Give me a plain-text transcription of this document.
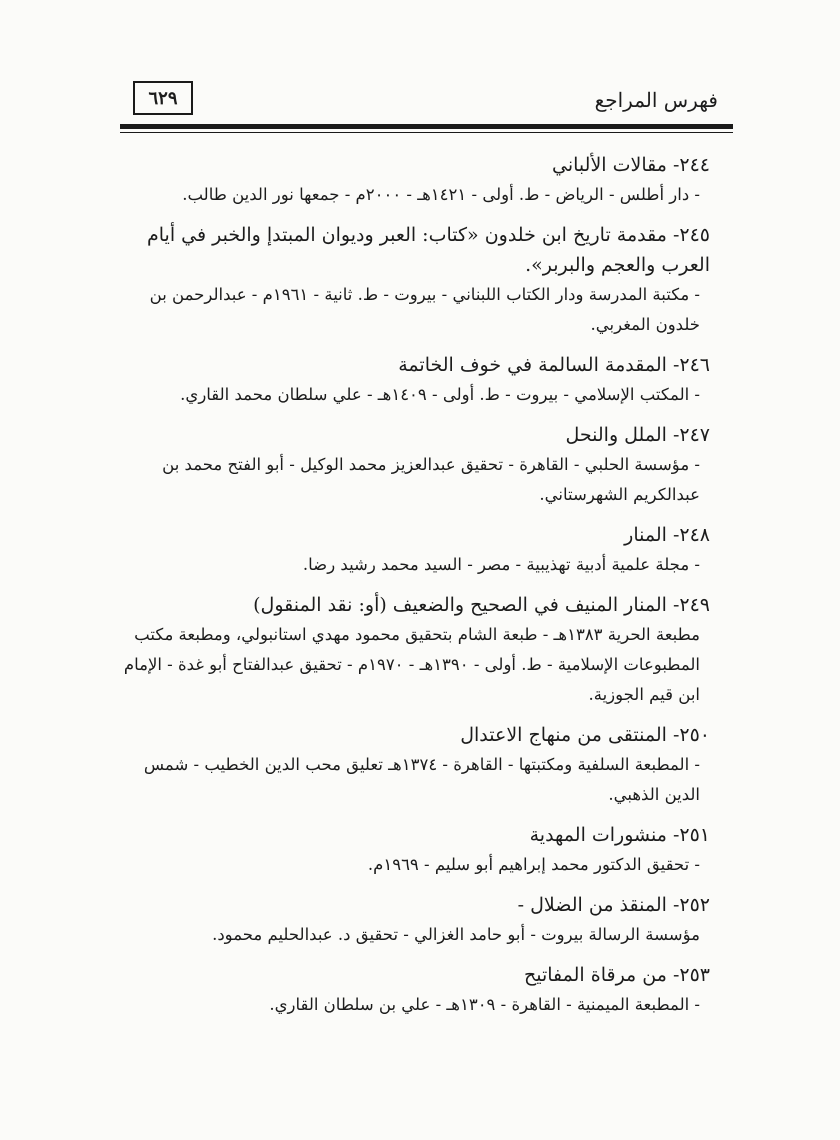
فهرس المراجع
٦٢٩
٢٤٤- مقالات الألباني
- دار أطلس - الرياض - ط. أولى - ١٤٢١هـ - ٢٠٠٠م - جمعها نور الدين طالب.
٢٤٥- مقدمة تاريخ ابن خلدون «كتاب: العبر وديوان المبتدإ والخبر في أيام العرب والعجم والبربر».
- مكتبة المدرسة ودار الكتاب اللبناني - بيروت - ط. ثانية - ١٩٦١م - عبدالرحمن بن خلدون المغربي.
٢٤٦- المقدمة السالمة في خوف الخاتمة
- المكتب الإسلامي - بيروت - ط. أولى - ١٤٠٩هـ - علي سلطان محمد القاري.
٢٤٧- الملل والنحل
- مؤسسة الحلبي - القاهرة - تحقيق عبدالعزيز محمد الوكيل - أبو الفتح محمد بن عبدالكريم الشهرستاني.
٢٤٨- المنار
- مجلة علمية أدبية تهذيبية - مصر - السيد محمد رشيد رضا.
٢٤٩- المنار المنيف في الصحيح والضعيف (أو: نقد المنقول)
مطبعة الحرية ١٣٨٣هـ - طبعة الشام بتحقيق محمود مهدي استانبولي، ومطبعة مكتب المطبوعات الإسلامية - ط. أولى - ١٣٩٠هـ - ١٩٧٠م - تحقيق عبدالفتاح أبو غدة - الإمام ابن قيم الجوزية.
٢٥٠- المنتقى من منهاج الاعتدال
- المطبعة السلفية ومكتبتها - القاهرة - ١٣٧٤هـ تعليق محب الدين الخطيب - شمس الدين الذهبي.
٢٥١- منشورات المهدية
- تحقيق الدكتور محمد إبراهيم أبو سليم - ١٩٦٩م.
٢٥٢- المنقذ من الضلال -
مؤسسة الرسالة بيروت - أبو حامد الغزالي - تحقيق د. عبدالحليم محمود.
٢٥٣- من مرقاة المفاتيح
- المطبعة الميمنية - القاهرة - ١٣٠٩هـ - علي بن سلطان القاري.
